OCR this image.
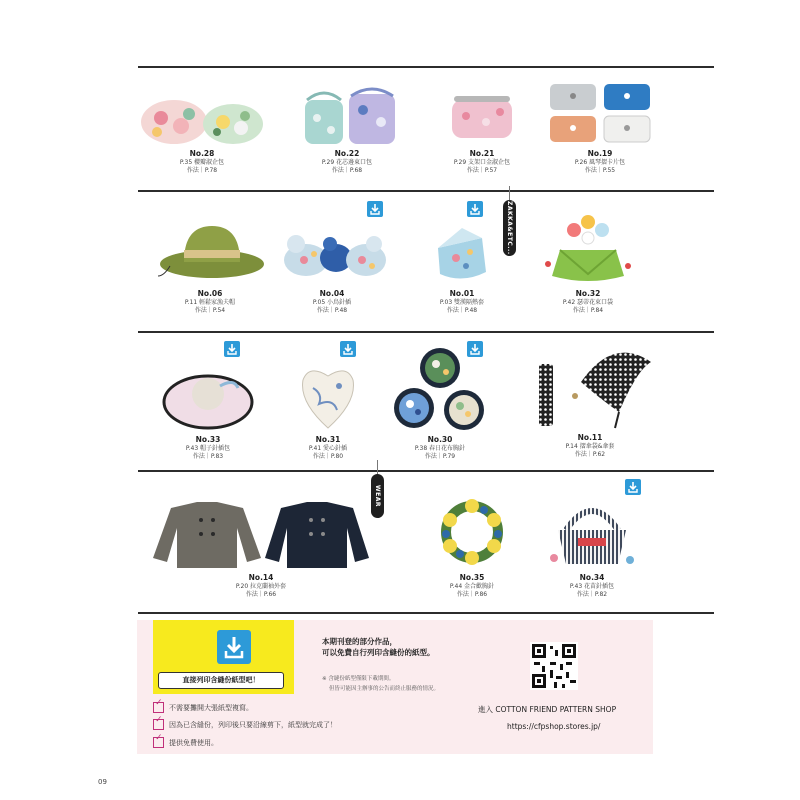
No.28
P.35 櫻瓣淑企包
作法｜P.78
No.22
P.29 花芯邊東口包
作法｜P.68
No.21
P.29 支架口金淑企包
作法｜P.57
No.19
P.26 風琴摺卡片包
作法｜P.55
No.06
P.11 輕鬆家漁夫帽
作法｜P.54
No.04
P.05 小鳥針插
作法｜P.48
No.01
P.03 雙漢隔熱套
作法｜P.48
ZAKKA&ETC...
No.32
P.42 瑟蒂花束口袋
作法｜P.84
No.33
P.43 帽子針插包
作法｜P.83
No.31
P.41 愛心針插
作法｜P.80
No.30
P.38 春日花布胸針
作法｜P.79
No.11
P.14 摺傘袋&傘套
作法｜P.62
No.14
P.20 拉克蘭袖外套
作法｜P.66
WEAR
No.35
P.44 金合歡胸針
作法｜P.86
No.34
P.43 花苗針插包
作法｜P.82
直接列印含縫份紙型吧！
✓
不需要攤開大張紙型複寫。
✓
因為已含縫份，列印後只要沿線剪下，紙型就完成了！
✓
提供免費使用。
本期刊登的部分作品，
可以免費自行列印含縫份的紙型。
※ 含縫份紙型僅限下載期間。
但皆可能因主辦事的公告而終止服務的情況。
進入 COTTON FRIEND PATTERN SHOP
https://cfpshop.stores.jp/
09
